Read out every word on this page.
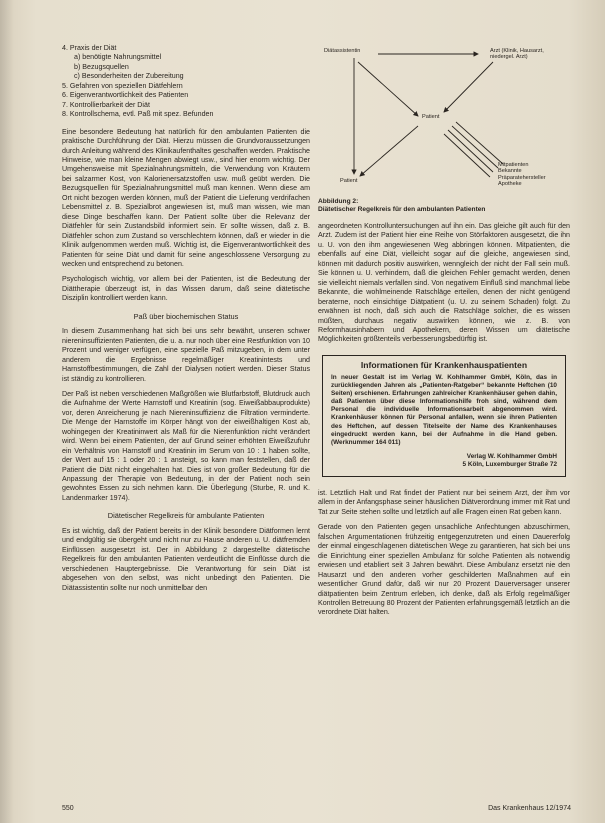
4. Praxis der Diät
a) benötigte Nahrungsmittel
b) Bezugsquellen
c) Besonderheiten der Zubereitung
5. Gefahren von speziellen Diätfehlern
6. Eigenverantwortlichkeit des Patienten
7. Kontrollierbarkeit der Diät
8. Kontrollschema, evtl. Paß mit spez. Befunden

Eine besondere Bedeutung hat natürlich für den ambulanten Patienten die praktische Durchführung der Diät. Hierzu müssen die Grundvoraussetzungen durch Anleitung während des Klinikaufenthaltes geschaffen werden. Praktische Hinweise, wie man kleine Mengen abwiegt usw., sind hier enorm wichtig. Der Umgehensweise mit Spezialnahrungsmitteln, die Verwendung von Kräutern bei salzarmer Kost, von Kalorienersatzstoffen usw. muß geübt werden. Die Bezugsquellen für Spezialnahrungsmittel muß man kennen. Wenn diese am Ort nicht bezogen werden können, muß der Patient die Lieferung verdrifachen Lebensmittel z. B. Spezialbrot angewiesen ist, muß man wissen, wie man diese Dinge beschaffen kann. Der Patient sollte über die Relevanz der Diätfehler für sein Zustandsbild informiert sein. Er sollte wissen, daß z. B. Diätfehler schon zum Zustand so verschlechtern können, daß er wieder in die Klinik aufgenommen werden muß. Wichtig ist, die Eigenverantwortlichkeit des Patienten für seine Diät und damit für seine angeschlossene Versorgung zu wecken und entsprechend zu betonen.

Psychologisch wichtig, vor allem bei der Patienten, ist die Bedeutung der Diättherapie überzeugt ist, in das Wissen darum, daß seine diätetische Disziplin kontrolliert werden kann.

Paß über biochemischen Status

In diesem Zusammenhang hat sich bei uns sehr bewährt, unseren schwer niereninsuffizienten Patienten, die u. a. nur noch über eine Restfunktion von 10 Prozent und weniger verfügen, eine spezielle Paß mitzugeben, in dem unter anderem die Ergebnisse regelmäßiger Kreatinintests und Harnstoffbestimmungen, die Zahl der Dialysen notiert werden. Dieser Status ist ständig zu kontrollieren.

Der Paß ist neben verschiedenen Maßgrößen wie Blutfarbstoff, Blutdruck auch die Aufnahme der Werte Harnstoff und Kreatinin (sog. Eiweißabbauprodukte) vor, deren Anreicherung je nach Niereninsuffizienz die Filtration verminderte. Die Menge der Harnstoffe im Körper hängt von der eiweißhaltigen Kost ab, wohingegen der Kreatininwert als Maß für die Nierenfunktion nicht verändert wird. Wenn bei einem Patienten, der auf Grund seiner erhöhten Eiweißzufuhr ein Verhältnis von Harnstoff und Kreatinin im Serum von 10 : 1 haben sollte, der Wert auf 15 : 1 oder 20 : 1 ansteigt, so kann man feststellen, daß der Patient die Diät nicht eingehalten hat. Dies ist von großer Bedeutung für die Anpassung der Therapie von Bedeutung, in der der Patient noch sein gewohntes Essen zu sich nehmen kann. Die Überlegung (Sturbe, R. und K. Landenmarker 1974).

Diätetischer Regelkreis für ambulante Patienten

Es ist wichtig, daß der Patient bereits in der Klinik besondere Diätformen lernt und endgültig sie übergeht und nicht nur zu Hause anderen u. U. diätfremden Einflüssen ausgesetzt ist. Der in Abbildung 2 dargestellte diätetische Regelkreis für den ambulanten Patienten verdeutlicht die Einflüsse durch die verschiedenen Hauptergebnisse. Die Verantwortung für sein Diät ist abgesehen von den selbst, was nicht unbedingt den Patienten. Die Diätassistentin sollte nur noch unmittelbar den

Diätassistentin	Arzt (Klinik, Hausarzt, niedergel. Arzt)
Patient
Patient
Mitpatienten
Bekannte
Präparatehersteller
Apotheke
Abbildung 2:
Diätetischer Regelkreis für den ambulanten Patienten

angeordneten Kontrolluntersuchungen auf ihn ein. Das gleiche gilt auch für den Arzt. Zudem ist der Patient hier eine Reihe von Störfaktoren ausgesetzt, die ihn u. U. von den ihm angewiesenen Weg abbringen können. Mitpatienten, die ebenfalls auf eine Diät, vielleicht sogar auf die gleiche, angewiesen sind, können mit dadurch positiv auswirken, wenngleich der nicht der Fall sein muß. Sie können u. U. verhindern, daß die gleichen Fehler gemacht werden, denen sie vielleicht niemals verfallen sind. Von negativem Einfluß sind manchmal liebe Bekannte, die wohlmeinende Ratschläge erteilen, denen der nicht genügend beraterne, noch einsichtige Diätpatient (u. U. zu seinem Schaden) folgt. Zu erwähnen ist noch, daß sich auch die Ratschläge solcher, die es wissen müßten, durchaus negativ auswirken können, wie z. B. von Reformhausinhabern und Apothekern, deren Wissen um diätetische Möglichkeiten größtenteils verbesserungsbedürftig ist.

Informationen für Krankenhauspatienten
In neuer Gestalt ist im Verlag W. Kohlhammer GmbH, Köln, das in zurückliegenden Jahren als „Patienten-Ratgeber“ bekannte Heftchen (10 Seiten) erschienen. Erfahrungen zahlreicher Krankenhäuser gehen dahin, daß Patienten über diese Informationshilfe froh sind, während dem Personal die individuelle Informationsarbeit abgenommen wird. Krankenhäuser können für Personal anfallen, wenn sie ihren Patienten des Heftchen, auf dessen Titelseite der Name des Krankenhauses eingedruckt werden kann, bei der Aufnahme in die Hand geben. (Werknummer 164 011)
Verlag W. Kohlhammer GmbH
5 Köln, Luxemburger Straße 72

ist. Letztlich Halt und Rat findet der Patient nur bei seinem Arzt, der ihm vor allem in der Anfangsphase seiner häuslichen Diätverordnung immer mit Rat und Tat zur Seite stehen sollte und letztlich auf alle Fragen einen Rat geben kann.

Gerade von den Patienten gegen unsachliche Anfechtungen abzuschirmen, falschen Argumentationen frühzeitig entgegenzutreten und einen Dauererfolg der einmal eingeschlagenen diätetischen Wege zu garantieren, hat sich bei uns die Einrichtung einer speziellen Ambulanz für solche Patienten als notwendig erwiesen und etabliert seit 3 Jahren bewährt. Diese Ambulanz ersetzt nie den Hausarzt und den anderen vorher geschilderten Maßnahmen auf ein wesentlicher Grund dafür, daß wir nur 20 Prozent Dauerversager unserer diätpatienten beim Zentrum erleben, ich denke, daß als Erfolg regelmäßiger Kontrollen Betreuung 80 Prozent der Patienten erfahrungsgemäß letztlich an die verordnete Diät halten.

550	Das Krankenhaus 12/1974
